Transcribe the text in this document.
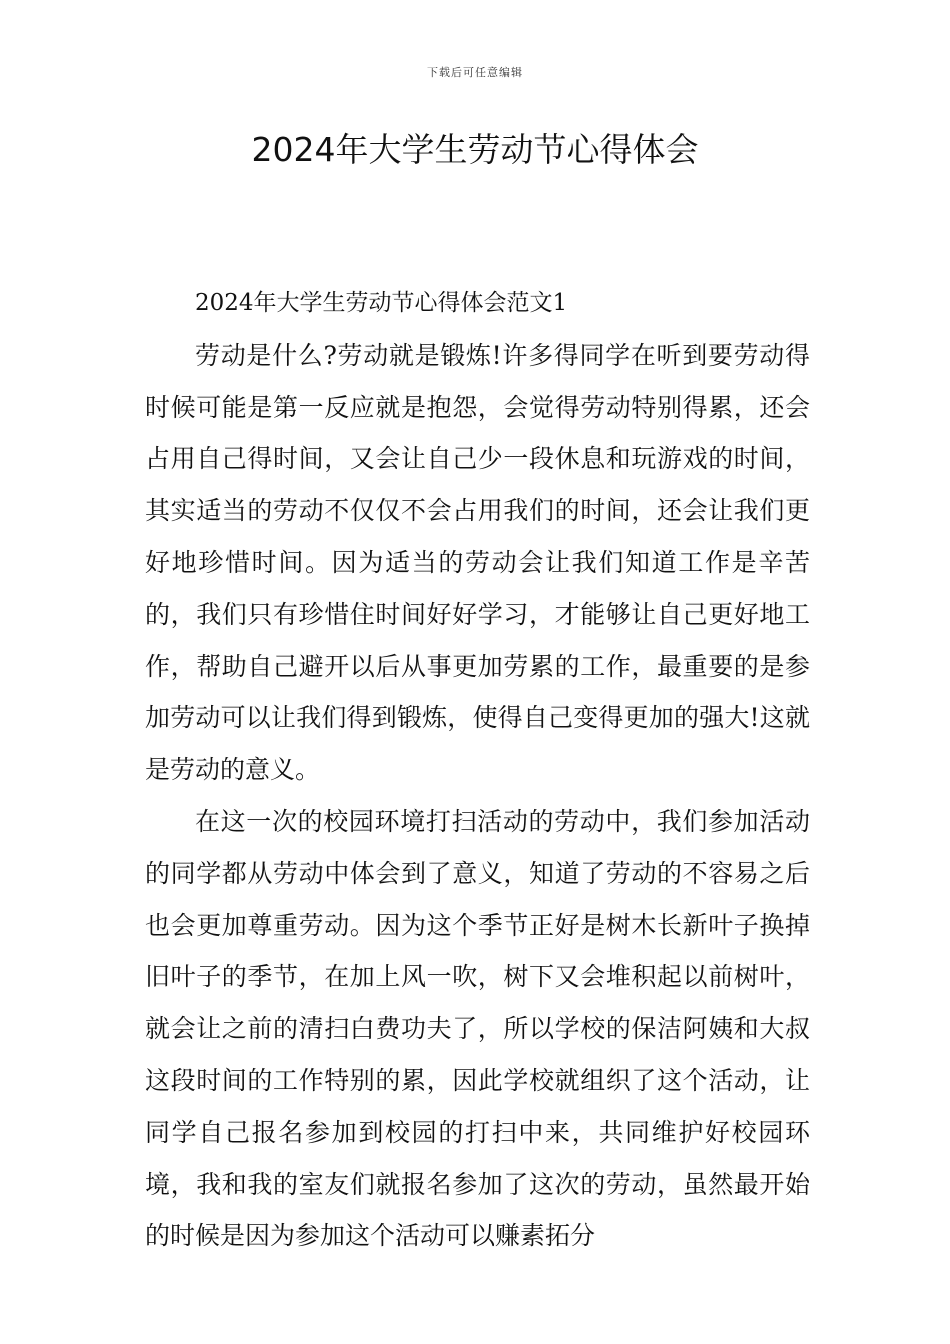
下载后可任意编辑
2024年大学生劳动节心得体会

2024年大学生劳动节心得体会范文1

劳动是什么?劳动就是锻炼!许多得同学在听到要劳动得时候可能是第一反应就是抱怨，会觉得劳动特别得累，还会占用自己得时间，又会让自己少一段休息和玩游戏的时间，其实适当的劳动不仅仅不会占用我们的时间，还会让我们更好地珍惜时间。因为适当的劳动会让我们知道工作是辛苦的，我们只有珍惜住时间好好学习，才能够让自己更好地工作，帮助自己避开以后从事更加劳累的工作，最重要的是参加劳动可以让我们得到锻炼，使得自己变得更加的强大!这就是劳动的意义。

在这一次的校园环境打扫活动的劳动中，我们参加活动的同学都从劳动中体会到了意义，知道了劳动的不容易之后也会更加尊重劳动。因为这个季节正好是树木长新叶子换掉旧叶子的季节，在加上风一吹，树下又会堆积起以前树叶，就会让之前的清扫白费功夫了，所以学校的保洁阿姨和大叔这段时间的工作特别的累，因此学校就组织了这个活动，让同学自己报名参加到校园的打扫中来，共同维护好校园环境，我和我的室友们就报名参加了这次的劳动，虽然最开始的时候是因为参加这个活动可以赚素拓分
